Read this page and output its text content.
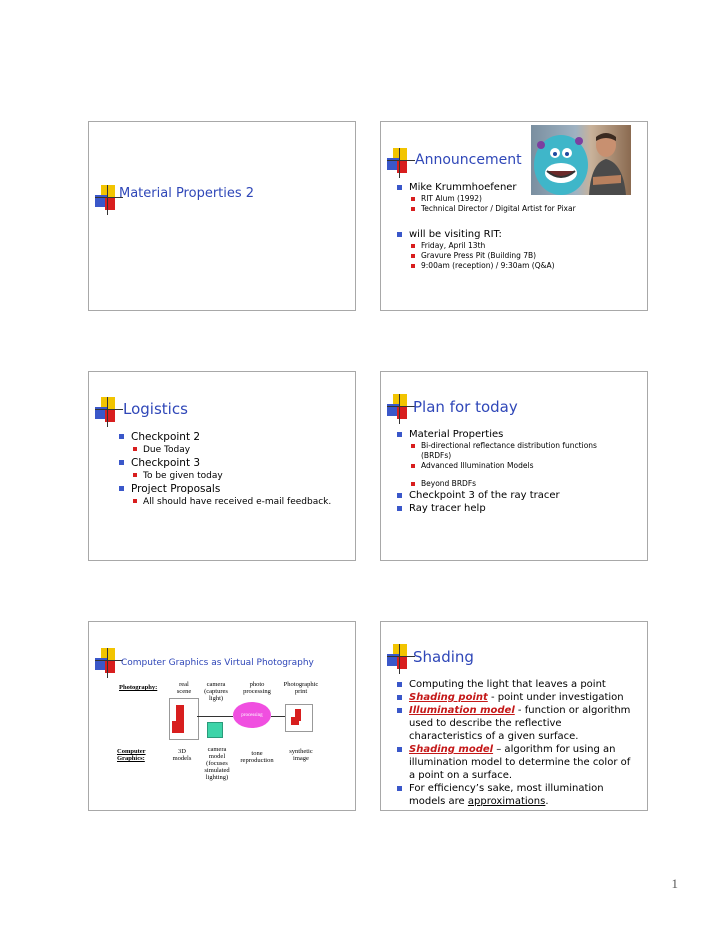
Material Properties 2
Announcement
Mike Krummhoefener
RIT Alum (1992)
Technical Director / Digital Artist for Pixar
will be visiting RIT:
Friday, April 13th
Gravure Press Pit (Building 7B)
9:00am (reception) / 9:30am (Q&A)
Logistics
Checkpoint 2
Due Today
Checkpoint 3
To be given today
Project Proposals
All should have received e-mail feedback.
Plan for today
Material Properties
Bi-directional reflectance distribution functions (BRDFs)
Advanced Illumination Models
Beyond BRDFs
Checkpoint 3 of the ray tracer
Ray tracer help
Computer Graphics as Virtual Photography
Photography:	real scene
camera (captures light)
photo processing
Photographic print
processing
Computer Graphics:
3D models
camera model (focuses simulated lighting)
tone reproduction
synthetic image
Shading
Computing the light that leaves a point
Shading point - point under investigation
Illumination model - function or algorithm used to describe the reflective characteristics of a given surface.
Shading model – algorithm for using an illumination model to determine the color of a point on a surface.
For efficiency’s sake, most illumination models are approximations.
1
